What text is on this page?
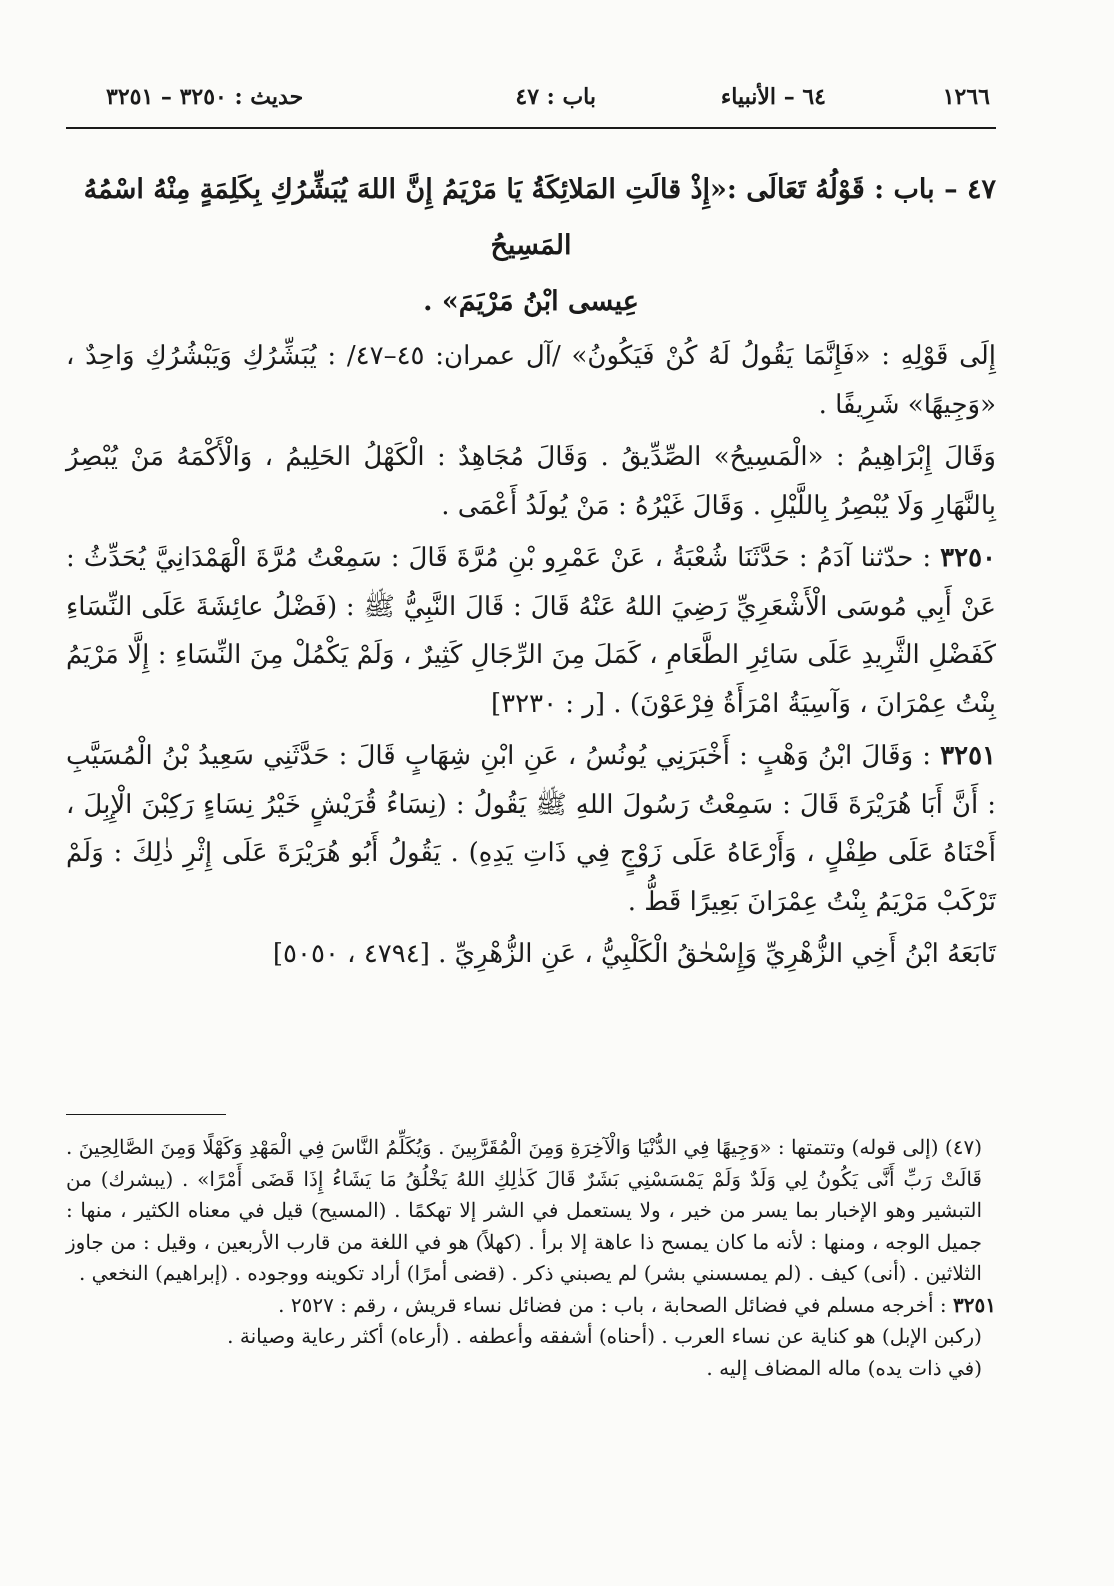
١٢٦٦
٦٤ – الأنبياء
باب : ٤٧
حديث : ٣٢٥٠ – ٣٢٥١

٤٧ – باب : قَوْلُهُ تَعَالَى :«إِذْ قالَتِ المَلائِكَةُ يَا مَرْيَمُ إِنَّ اللهَ يُبَشِّرُكِ بِكَلِمَةٍ مِنْهُ اسْمُهُ المَسِيحُ
عِيسى ابْنُ مَرْيَمَ» .

إِلَى قَوْلِهِ : «فَإِنَّمَا يَقُولُ لَهُ كُنْ فَيَكُونُ» /آل عمران: ٤٥–٤٧/ : يُبَشِّرُكِ وَيَبْشُرُكِ وَاحِدٌ ، «وَجِيهًا» شَرِيفًا .

وَقَالَ إِبْرَاهِيمُ : «الْمَسِيحُ» الصِّدِّيقُ . وَقَالَ مُجَاهِدٌ : الْكَهْلُ الحَلِيمُ ، وَالْأَكْمَهُ مَنْ يُبْصِرُ بِالنَّهَارِ وَلَا يُبْصِرُ بِاللَّيْلِ . وَقَالَ غَيْرُهُ : مَنْ يُولَدُ أَعْمَى .

٣٢٥٠ : حدّثنا آدَمُ : حَدَّثَنَا شُعْبَةُ ، عَنْ عَمْرِو بْنِ مُرَّةَ قَالَ : سَمِعْتُ مُرَّةَ الْهَمْدَانِيَّ يُحَدِّثُ : عَنْ أَبِي مُوسَى الْأَشْعَرِيِّ رَضِيَ اللهُ عَنْهُ قَالَ : قَالَ النَّبِيُّ ﷺ : (فَضْلُ عائِشَةَ عَلَى النِّسَاءِ كَفَضْلِ الثَّرِيدِ عَلَى سَائِرِ الطَّعَامِ ، كَمَلَ مِنَ الرِّجَالِ كَثِيرٌ ، وَلَمْ يَكْمُلْ مِنَ النِّسَاءِ : إِلَّا مَرْيَمُ بِنْتُ عِمْرَانَ ، وَآسِيَةُ امْرَأَةُ فِرْعَوْنَ) . [ر : ٣٢٣٠]

٣٢٥١ : وَقَالَ ابْنُ وَهْبٍ : أَخْبَرَنِي يُونُسُ ، عَنِ ابْنِ شِهَابٍ قَالَ : حَدَّثَنِي سَعِيدُ بْنُ الْمُسَيَّبِ : أَنَّ أَبَا هُرَيْرَةَ قَالَ : سَمِعْتُ رَسُولَ اللهِ ﷺ يَقُولُ : (نِسَاءُ قُرَيْشٍ خَيْرُ نِسَاءٍ رَكِبْنَ الْإِبِلَ ، أَحْنَاهُ عَلَى طِفْلٍ ، وَأَرْعَاهُ عَلَى زَوْجٍ فِي ذَاتِ يَدِهِ) . يَقُولُ أَبُو هُرَيْرَةَ عَلَى إِثْرِ ذٰلِكَ : وَلَمْ تَرْكَبْ مَرْيَمُ بِنْتُ عِمْرَانَ بَعِيرًا قَطُّ .

تَابَعَهُ ابْنُ أَخِي الزُّهْرِيِّ وَإِسْحٰقُ الْكَلْبِيُّ ، عَنِ الزُّهْرِيِّ . [٤٧٩٤ ، ٥٠٥٠]

(٤٧) (إلى قوله) وتتمتها : «وَجِيهًا فِي الدُّنْيَا وَالْآخِرَةِ وَمِنَ الْمُقَرَّبِينَ . وَيُكَلِّمُ النَّاسَ فِي الْمَهْدِ وَكَهْلًا وَمِنَ الصَّالِحِينَ . قَالَتْ رَبِّ أَنَّى يَكُونُ لِي وَلَدٌ وَلَمْ يَمْسَسْنِي بَشَرٌ قَالَ كَذٰلِكِ اللهُ يَخْلُقُ مَا يَشَاءُ إِذَا قَضَى أَمْرًا» . (يبشرك) من التبشير وهو الإخبار بما يسر من خير ، ولا يستعمل في الشر إلا تهكمًا . (المسيح) قيل في معناه الكثير ، منها : جميل الوجه ، ومنها : لأنه ما كان يمسح ذا عاهة إلا برأ . (كهلاً) هو في اللغة من قارب الأربعين ، وقيل : من جاوز الثلاثين . (أنى) كيف . (لم يمسسني بشر) لم يصبني ذكر . (قضى أمرًا) أراد تكوينه ووجوده . (إبراهيم) النخعي .

٣٢٥١ : أخرجه مسلم في فضائل الصحابة ، باب : من فضائل نساء قريش ، رقم : ٢٥٢٧ .

(ركبن الإبل) هو كناية عن نساء العرب . (أحناه) أشفقه وأعطفه . (أرعاه) أكثر رعاية وصيانة .

(في ذات يده) ماله المضاف إليه .
